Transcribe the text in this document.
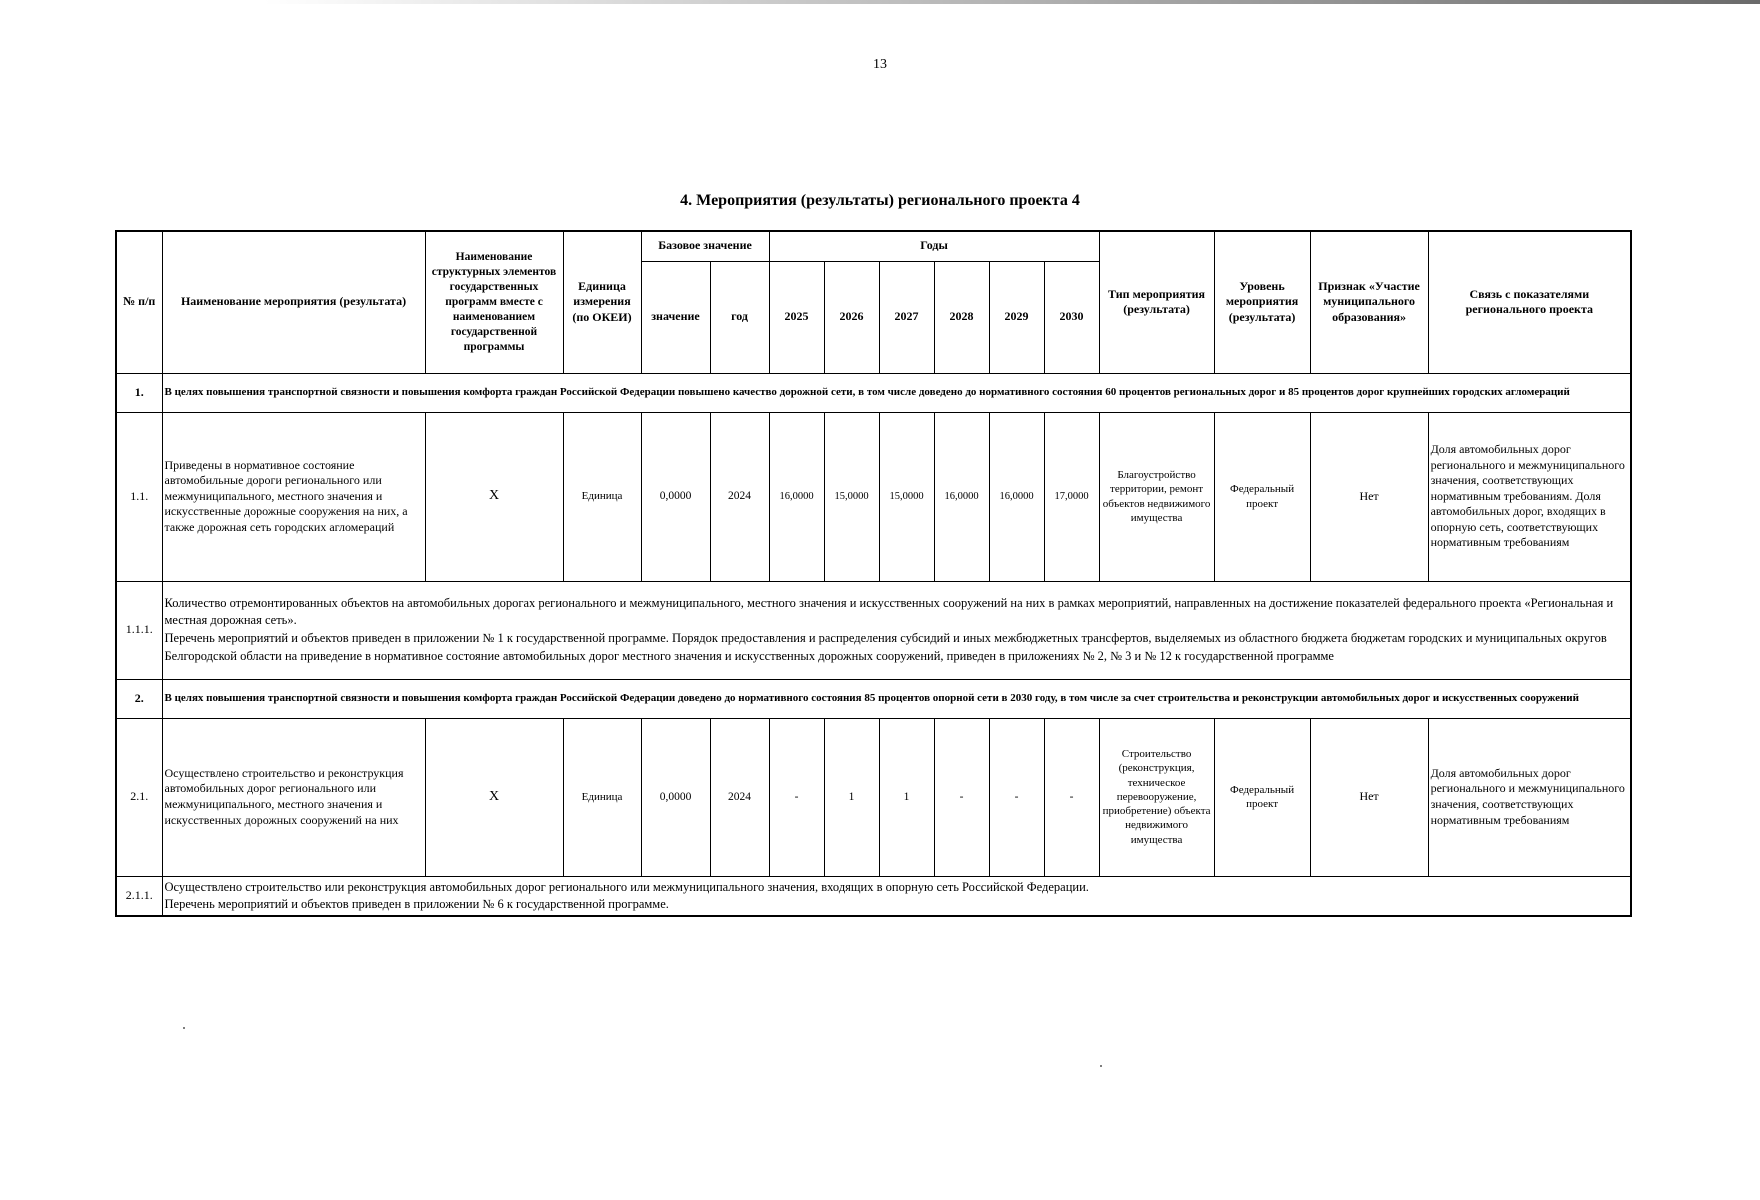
13
4. Мероприятия (результаты) регионального проекта 4
№ п/п	Наименование мероприятия (результата)	Наименование структурных элементов государственных программ вместе с наименованием государственной программы	Единица измерения (по ОКЕИ)	Базовое значение		Годы						Тип мероприятия (результата)	Уровень мероприятия (результата)	Признак «Участие муниципального образования»	Связь с показателями регионального проекта
				значение	год	2025	2026	2027	2028	2029	2030				
1.	В целях повышения транспортной связности и повышения комфорта граждан Российской Федерации повышено качество дорожной сети, в том числе доведено до нормативного состояния 60 процентов региональных дорог и 85 процентов дорог крупнейших городских агломераций														
1.1.	Приведены в нормативное состояние автомобильные дороги регионального или межмуниципального, местного значения и искусственные дорожные сооружения на них, а также дорожная сеть городских агломераций	X	Единица	0,0000	2024	16,0000	15,0000	15,0000	16,0000	16,0000	17,0000	Благоустройство территории, ремонт объектов недвижимого имущества	Федеральный проект	Нет	Доля автомобильных дорог регионального и межмуниципального значения, соответствующих нормативным требованиям. Доля автомобильных дорог, входящих в опорную сеть, соответствующих нормативным требованиям
1.1.1.	Количество отремонтированных объектов на автомобильных дорогах регионального и межмуниципального, местного значения и искусственных сооружений на них в рамках мероприятий, направленных на достижение показателей федерального проекта «Региональная и местная дорожная сеть».
Перечень мероприятий и объектов приведен в приложении № 1 к государственной программе. Порядок предоставления и распределения субсидий и иных межбюджетных трансфертов, выделяемых из областного бюджета бюджетам городских и муниципальных округов Белгородской области на приведение в нормативное состояние автомобильных дорог местного значения и искусственных дорожных сооружений, приведен в приложениях № 2, № 3 и № 12 к государственной программе														

2.	В целях повышения транспортной связности и повышения комфорта граждан Российской Федерации доведено до нормативного состояния 85 процентов опорной сети в 2030 году, в том числе за счет строительства и реконструкции автомобильных дорог и искусственных сооружений														
2.1.	Осуществлено строительство и реконструкция автомобильных дорог регионального или межмуниципального, местного значения и искусственных дорожных сооружений на них	X	Единица	0,0000	2024	-	1	1	-	-	-	Строительство (реконструкция, техническое перевооружение, приобретение) объекта недвижимого имущества	Федеральный проект	Нет	Доля автомобильных дорог регионального и межмуниципального значения, соответствующих нормативным требованиям
2.1.1.	Осуществлено строительство или реконструкция автомобильных дорог регионального или межмуниципального значения, входящих в опорную сеть Российской Федерации.
Перечень мероприятий и объектов приведен в приложении № 6 к государственной программе.														
